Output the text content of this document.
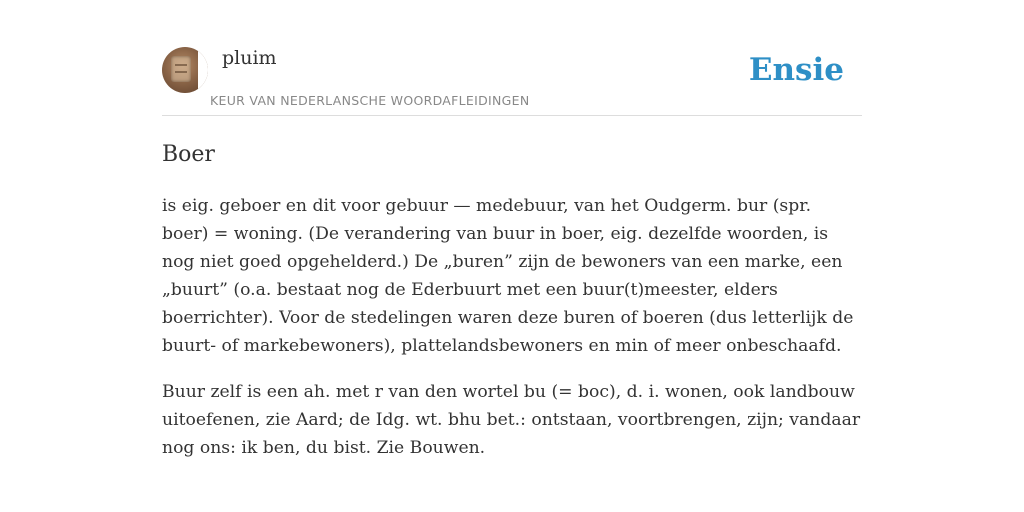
pluim
KEUR VAN NEDERLANSCHE WOORDAFLEIDINGEN
Ensie
Boer

is eig. geboer en dit voor gebuur — medebuur, van het Oudgerm. bur (spr. boer) = woning. (De verandering van buur in boer, eig. dezelfde woorden, is nog niet goed opgehelderd.) De „buren” zijn de bewoners van een marke, een „buurt” (o.a. bestaat nog de Ederbuurt met een buur(t)meester, elders boerrichter). Voor de stedelingen waren deze buren of boeren (dus letterlijk de buurt- of markebewoners), plattelandsbewoners en min of meer onbeschaafd.

Buur zelf is een ah. met r van den wortel bu (= boc), d. i. wonen, ook landbouw uitoefenen, zie Aard; de Idg. wt. bhu bet.: ontstaan, voortbrengen, zijn; vandaar nog ons: ik ben, du bist. Zie Bouwen.
